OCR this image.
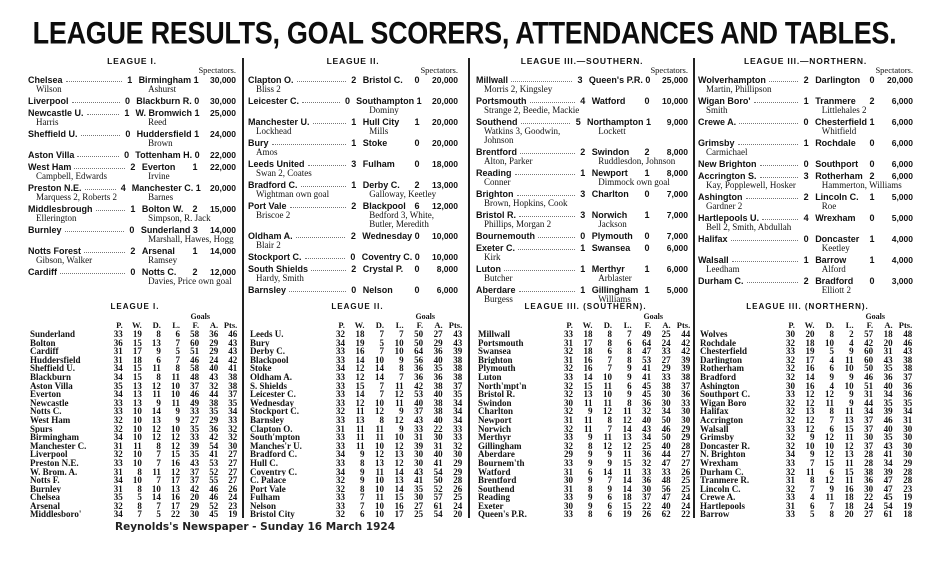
LEAGUE RESULTS, GOAL SCORERS, ATTENDANCES AND TABLES.
LEAGUE I.
Spectators.
Chelsea	1 Birmingham 1	30,000
Wilson	Ashurst
Liverpool	0 Blackburn R. 0	30,000
Newcastle U.	1 W. Bromwich 1	25,000
Harris	Reed
Sheffield U.	0 Huddersfield 1	24,000
Brown
Aston Villa	0 Tottenham H. 0	22,000
West Ham	2 Everton 1	22,000
Campbell, Edwards	Irvine
Preston N.E.	4 Manchester C. 1	20,000
Marquess 2, Roberts 2	Barnes
Middlesbrough	1 Bolton W. 2	15,000
Ellerington	Simpson, R. Jack
Burnley	0 Sunderland 3	14,000
Marshall, Hawes, Hogg
Notts Forest	2 Arsenal 1	14,000
Gibson, Walker	Ramsey
Cardiff	0 Notts C. 2	12,000
Davies, Price own goal
LEAGUE II.
Spectators.
Clapton O.	2 Bristol C. 0	20,000
Bliss 2
Leicester C.	0 Southampton 1	20,000
Dominy
Manchester U.	1 Hull City 1	20,000
Lockhead	Mills
Bury	1 Stoke	0	20,000
Amos
Leeds United	3 Fulham 0	18,000
Swan 2, Coates
Bradford C.	1 Derby C. 2	13,000
Wightman own goal	Galloway, Keetley
Port Vale	2 Blackpool 6	12,000
Briscoe 2	Bedford 3, White, Butler, Meredith
Oldham A.	2 Wednesday 0	10,000
Blair 2
Stockport C.	0 Coventry C. 0	10,000
South Shields	2 Crystal P. 0	8,000
Hardy, Smith
Barnsley	0 Nelson 0	6,000
LEAGUE III.—SOUTHERN.
Spectators.
Millwall	3 Queen's P.R. 0	25,000
Morris 2, Kingsley
Portsmouth	4 Watford 0	10,000
Strange 2, Beedie, Mackie
Southend	5 Northampton 1	9,000
Watkins 3, Goodwin, Johnson
Lockett
Brentford	2 Swindon 2	8,000
Alton, Parker	Ruddlesdon, Johnson
Reading	1 Newport 1	8,000
Conner	Dimmock own goal
Brighton	3 Charlton 0	7,000
Brown, Hopkins, Cook
Bristol R.	3 Norwich 1	7,000
Phillips, Morgan 2	Jackson
Bournemouth	0 Plymouth 0	7,000
Exeter C.	1 Swansea 0	6,000
Kirk
Luton	1 Merthyr 1	6,000
Butcher	Arblaster
Aberdare	1 Gillingham 1	5,000
Burgess	Williams
LEAGUE III.—NORTHERN.
Spectators.
Wolverhampton	2 Darlington 0	20,000
Martin, Phillipson
Wigan Boro'	1 Tranmere 2	6,000
Smith	Littlehales 2
Crewe A.	0 Chesterfield 1	6,000
Whitfield
Grimsby	1 Rochdale 0	6,000
Carmichael
New Brighton	0 Southport 0	6,000
Accrington S.	3 Rotherham 2	6,000
Kay, Popplewell, Hosker	Hammerton, Williams
Ashington	2 Lincoln C. 1	5,000
Gardner 2	Roe
Hartlepools U.	4 Wrexham 0	5,000
Bell 2, Smith, Abdullah
Halifax	0 Doncaster 1	4,000
Keetley
Walsall	1 Barrow	1	4,000
Leedham	Alford
Durham C.	2 Bradford 0	3,000
Elliott 2
LEAGUE I.
Goals
P.	W.	D.	L.	F.	A. Pts.
Sunderland	33	19	8	6	58	36	46
Bolton	36	15	13	7	60	29	43
Cardiff	31	17	9	5	51	29	43
Huddersfield	31	18	6	7	46	24	42
Sheffield U.	34	15	11	8	58	40	41
Blackburn	34	15	8	11	48	43	38
Aston Villa	35	13	12	10	37	32	38
Everton	34	13	11	10	46	44	37
Newcastle	33	13	9	11	49	38	35
Notts C.	33	10	14	9	33	35	34
West Ham	32	10	13	9	27	29	33
Spurs	32	10	12	10	35	36	32
Birmingham	34	10	12	12	33	42	32
Manchester C.	31	11	8	12	39	54	30
Liverpool	32	10	7	15	35	41	27
Preston N.E.	33	10	7	16	43	53	27
W. Brom. A.	31	8	11	12	37	52	27
Notts F.	34	10	7	17	37	55	27
Burnley	31	8	10	13	42	46	26
Chelsea	35	5	14	16	20	46	24
Arsenal	32	8	7	17	29	52	23
Middlesboro'	34	7	5	22	30	45	19
LEAGUE II.
Goals
P.	W.	D.	L.	F.	A. Pts.
Leeds U.	32	18	7	7	50	27	43
Bury	34	19	5	10	50	29	43
Derby C.	33	16	7	10	64	36	39
Blackpool	33	14	10	9	56	40	38
Stoke	34	12	14	8	36	35	38
Oldham A.	33	12	14	7	36	36	38
S. Shields	33	15	7	11	42	38	37
Leicester C.	33	14	7	12	53	40	35
Wednesday	33	12	10	11	40	38	34
Stockport C.	32	11	12	9	37	38	34
Barnsley	33	13	8	12	43	40	34
Clapton O.	31	11	11	9	33	22	33
South'mpton	33	11	11	10	31	30	33
Manches'r U.	33	11	10	12	39	31	32
Bradford C.	34	9	12	13	30	40	30
Hull C.	33	8	13	12	30	41	29
Coventry C.	34	9	11	14	43	54	29
C. Palace	32	9	10	13	41	50	28
Port Vale	32	8	10	14	35	52	26
Fulham	33	7	11	15	30	57	25
Nelson	33	7	10	16	27	61	24
Bristol City	32	6	10	17	25	54	20
LEAGUE III. (SOUTHERN).
Goals
P.	W.	D.	L.	F.	A. Pts.
Millwall	33	18	8	7	49	25	44
Portsmouth	31	17	8	6	64	24	42
Swansea	32	18	6	8	47	33	42
Brighton	31	16	7	8	53	27	39
Plymouth	32	16	7	9	41	29	39
Luton	33	14	10	9	41	33	38
North'mpt'n	32	15	11	6	45	38	37
Bristol R.	32	13	10	9	45	30	36
Swindon	30	11	11	8	36	30	33
Charlton	32	9	12	11	32	34	30
Newport	31	11	8	12	40	50	30
Norwich	32	11	7	14	43	46	29
Merthyr	33	9	11	13	34	50	29
Gillingham	32	8	12	12	25	40	28
Aberdare	29	9	9	11	36	44	27
Bournem'th	33	9	9	15	32	47	27
Watford	31	6	14	11	33	33	26
Brentford	30	9	7	14	36	48	25
Southend	31	8	9	14	30	56	25
Reading	33	9	6	18	37	47	24
Exeter	30	9	6	15	22	40	24
Queen's P.R.	33	8	6	19	26	62	22
LEAGUE III. (NORTHERN).
Goals
P.	W.	D.	L.	F.	A. Pts.
Wolves	30	20	8	2	57	18	48
Rochdale	32	18	10	4	42	20	46
Chesterfield	33	19	5	9	60	31	43
Darlington	32	17	4	11	60	43	38
Rotherham	32	16	6	10	50	35	38
Bradford	32	14	9	9	46	36	37
Ashington	30	16	4	10	51	40	36
Southport C.	33	12	12	9	31	34	36
Wigan Boro	32	12	11	9	44	35	35
Halifax	32	13	8	11	34	39	34
Accrington	32	12	7	13	37	46	31
Walsall	33	12	6	15	37	40	30
Grimsby	32	9	12	11	30	35	30
Doncaster R.	32	10	10	12	37	43	30
N. Brighton	34	9	12	13	28	41	30
Wrexham	33	7	15	11	28	34	29
Durham C.	32	11	6	15	38	39	28
Tranmere R.	31	8	12	11	36	47	28
Lincoln C.	32	7	9	16	30	47	23
Crewe A.	33	4	11	18	22	45	19
Hartlepools	31	6	7	18	24	54	19
Barrow	33	5	8	20	27	61	18
Reynolds's Newspaper - Sunday 16 March 1924
